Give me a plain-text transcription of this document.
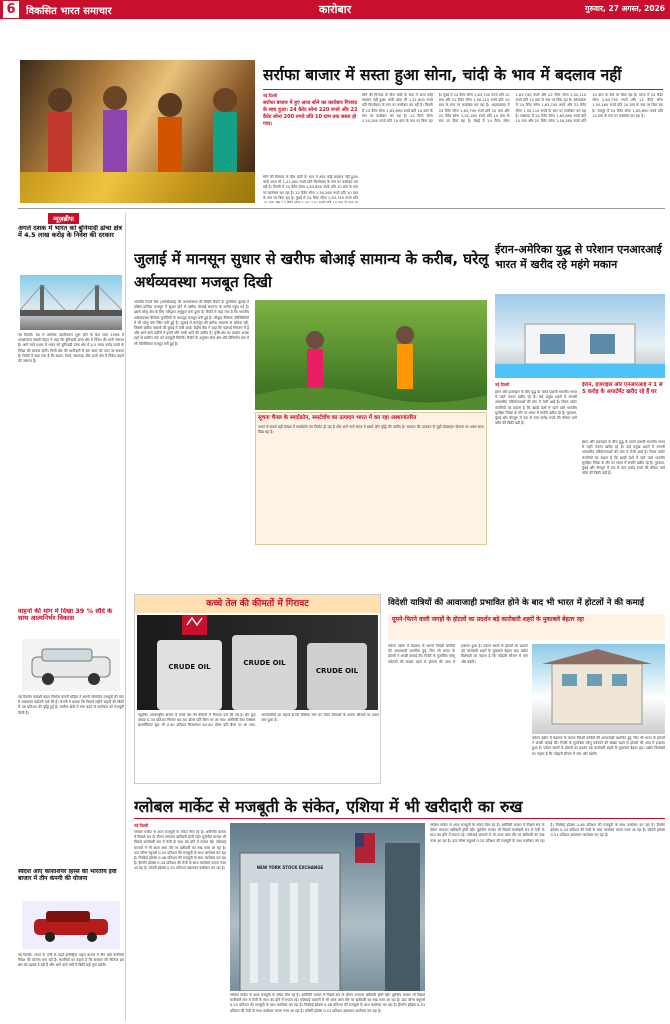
6	विकसित भारत समाचार	कारोबार	गुरुवार, 27 अगस्त, 2026
सर्राफा बाजार में सस्ता हुआ सोना, चांदी के भाव में बदलाव नहीं
नई दिल्ली
सर्राफा बाजार में हुए आज सोने का कारोबार गिरावट के साथ हुआ। 24 कैरेट सोना 220 रुपये और 22 कैरेट सोना 200 रुपये प्रति 10 ग्राम तक सस्ता हो गया।
सोने की गिरावट के बीच चांदी के भाव में आज कोई बदलाव नहीं हुआ। चांदी आज भी 1,21,000 रुपये प्रति किलोग्राम के स्तर पर कारोबार कर रही है। दिल्ली में 24 कैरेट सोना 1,63,890 रुपये प्रति 10 ग्राम के स्तर पर कारोबार कर रहा है। 22 कैरेट सोना 1,50,260 रुपये प्रति 10 ग्राम के स्तर पर बिक रहा है। मुंबई में 24 कैरेट सोना 1,63,740 रुपये प्रति 10 ग्राम और 22 कैरेट सोना 1,50,110 रुपये प्रति 10 ग्राम के स्तर पर कारोबार कर रहा है। अहमदाबाद में 24 कैरेट सोना 1,63,790 रुपये प्रति 10 ग्राम और 22 कैरेट सोना 1,50,160 रुपये प्रति 10 ग्राम के स्तर पर बिक रहा है। चेन्नई में 24 कैरेट सोना 1,63,740 रुपये और 22 कैरेट सोना 1,50,110 रुपये प्रति 10 ग्राम के स्तर पर बिक रहा है। कोलकाता में 24 कैरेट सोना 1,63,740 रुपये और 22 कैरेट सोना 1,50,110 रुपये के स्तर पर कारोबार कर रहा है। लखनऊ में 24 कैरेट सोना 1,63,890 रुपये प्रति 10 ग्राम और 22 कैरेट सोना 1,50,260 रुपये प्रति 10 ग्राम के स्तर पर बिक रहा है। पटना में 24 कैरेट सोना 1,63,790 रुपये और 22 कैरेट सोना 1,50,160 रुपये प्रति 10 ग्राम के स्तर पर बिक रहा है। जयपुर में 24 कैरेट सोना 1,63,890 रुपये प्रति 10 ग्राम के स्तर पर कारोबार कर रहा है।
सोने की गिरावट के बीच चांदी के भाव में आज कोई बदलाव नहीं हुआ। चांदी आज भी 1,21,000 रुपये प्रति किलोग्राम के स्तर पर कारोबार कर रही है। दिल्ली में 24 कैरेट सोना 1,63,890 रुपये प्रति 10 ग्राम के स्तर पर कारोबार कर रहा है। 22 कैरेट सोना 1,50,260 रुपये प्रति 10 ग्राम के स्तर पर बिक रहा है। मुंबई में 24 कैरेट सोना 1,63,740 रुपये प्रति
न्यूज़ब्रीफ
अगले दशक में भारत को बुनियादी ढांचा क्षेत्र में 4.5 लाख करोड़ के निवेश की दरकार
नई दिल्ली। देश में आर्थिक उदारीकरण शुरू होने के बाद साल 1996 में अवसंरचना संबंधी मोहन ने कहा कि बुनियादी ढांचा क्षेत्र में निवेश की भारी जरूरत है। आने वाले दशक में भारत को बुनियादी ढांचा क्षेत्र में 4.5 लाख करोड़ रुपये के निवेश की दरकार होगी। निजी क्षेत्र की भागीदारी से इस अंतर को पाटा जा सकता है। रिपोर्ट में कहा गया है कि सड़क, रेलवे, बंदरगाह और ऊर्जा क्षेत्र में निवेश बढ़ाने की जरूरत है।
वाहनों की मांग में दिखा 39 % सौदे के साथ आत्मनिर्भर विकास
नई दिल्ली। स्वदेशी वाहन निर्माता कंपनी महिंद्रा ने अपनी लोकप्रिय एसयूवी की मांग में जबरदस्त बढ़ोतरी दर्ज की है। कंपनी ने बताया कि पिछले महीने वाहनों की बिक्री में 39 प्रतिशत की वृद्धि हुई है। ग्रामीण क्षेत्रों में मांग बढ़ने से कारोबार को मजबूती मिली है।
स्वदेश आएं कोशाशेयर हिस्से की भारतीय ईवी बाजार में तीन कंपनी की योजना
नई दिल्ली। भारत के तेजी से बढ़ते इलेक्ट्रिक वाहन बाजार में तीन बड़ी कंपनियां निवेश की योजना बना रही हैं। कंपनियों का कहना है कि सरकार की नीतियां इस क्षेत्र को बढ़ावा दे रही हैं और आने वाले वर्षों में बिक्री कई गुना बढ़ेगी।
जुलाई में मानसून सुधार से खरीफ बोआई सामान्य के करीब, घरेलू अर्थव्यवस्था मजबूत दिखी
भारतीय रिज़र्व बैंक (आरबीआई) की अर्थव्यवस्था की स्थिति रिपोर्ट के मुताबिक जुलाई में दक्षिण-पश्चिम मानसून में सुधार होने से खरीफ बोआई सामान्य के करीब पहुंच गई है। इससे घरेलू क्षेत्र के लिए परिदृश्य अनुकूल बना हुआ है। रिपोर्ट में कहा गया है कि भारतीय अर्थव्यवस्था वैश्विक चुनौतियों के बावजूद मजबूत बनी हुई है। मौजूदा वैश्विक परिस्थितियों में भी घरेलू मांग स्थिर बनी हुई है। जुलाई में मानसून की बारिश सामान्य से अधिक रही, जिससे खरीफ फसलों की बुवाई में तेजी आई। केंद्रीय बैंक ने कहा कि महंगाई नियंत्रण में है और आने वाले महीनों में इसमें और नरमी आने की उम्मीद है। कृषि क्षेत्र का प्रदर्शन अच्छा रहने से ग्रामीण मांग को मजबूती मिलेगी। रिपोर्ट के अनुसार सेवा क्षेत्र और विनिर्माण क्षेत्र में भी गतिविधियां मजबूत बनी हुई हैं।
सूचना चैनल के स्मार्टफ़ोन, स्मार्टवॉच का उत्पादन भारत में कर रहा अस्थानांतरित
भारत से सबसे बड़ी संख्या में स्मार्टफ़ोन का निर्यात हो रहा है और आने वाले समय में इसमें और वृद्धि की उम्मीद है। सरकार की उत्पादन से जुड़ी प्रोत्साहन योजना का असर साफ दिख रहा है।
ईरान-अमेरिका युद्ध से परेशान एनआरआई भारत में खरीद रहे महंगे मकान
ईरान, इजराइल और एनआरआई ने 1 से 5 करोड़ के अपार्टमेंट खरीद रहे हैं घर
नई दिल्ली
ईरान और इजराइल के बीच युद्ध के चलते प्रवासी भारतीय भारत में महंगे मकान खरीद रहे हैं। कई प्रमुख शहरों में लग्जरी आवासीय परियोजनाओं की मांग में तेजी आई है। रियल एस्टेट कंपनियों का कहना है कि खाड़ी देशों में रहने वाले भारतीय सुरक्षित निवेश के तौर पर भारत में संपत्ति खरीद रहे हैं। गुरुग्राम, मुंबई और बेंगलुरु में एक से पांच करोड़ रुपये की कीमत वाले फ्लैट की बिक्री बढ़ी है।
ईरान और इजराइल के बीच युद्ध के चलते प्रवासी भारतीय भारत में महंगे मकान खरीद रहे हैं। कई प्रमुख शहरों में लग्जरी आवासीय परियोजनाओं की मांग में तेजी आई है। रियल एस्टेट कंपनियों का कहना है कि खाड़ी देशों में रहने वाले भारतीय सुरक्षित निवेश के तौर पर भारत में संपत्ति खरीद रहे हैं। गुरुग्राम, मुंबई और बेंगलुरु में एक से पांच करोड़ रुपये की कीमत वाले फ्लैट की बिक्री बढ़ी है।
कच्चे तेल की कीमतों में गिरावट
CRUDE OIL	CRUDE OIL
CRUDE OIL
न्यूयॉर्क। अंतरराष्ट्रीय बाजार में कच्चे तेल की कीमतों में गिरावट दर्ज की गई है। ब्रेंट क्रूड वायदा 0.35 प्रतिशत गिरकर 65.50 डॉलर प्रति बैरल पर आ गया। अमेरिकी वेस्ट टेक्सास इंटरमीडिएट क्रूड भी 0.40 प्रतिशत फिसलकर 62.80 डॉलर प्रति बैरल पर आ गया। कारोबारियों का कहना है कि वैश्विक मांग को लेकर चिंताओं के कारण कीमतों पर दबाव बना हुआ है।
विदेशी यात्रियों की आवाजाही प्रभावित होने के बाद भी भारत में होटलों ने की कमाई
घूमने-फिरने वाली जगहों के होटलों का प्रदर्शन बड़े कारोबारी शहरों के मुकाबले बेहतर रहा
पर्यटन उद्योग में बदलाव के कारण विदेशी यात्रियों की आवाजाही प्रभावित हुई, फिर भी भारत के होटलों ने अच्छी कमाई की। रिपोर्ट के मुताबिक घरेलू पर्यटकों की संख्या बढ़ने से होटलों की आय में इजाफा हुआ है। पर्यटन स्थलों के होटलों का प्रदर्शन बड़े कारोबारी शहरों के मुकाबले बेहतर रहा। उद्योग विशेषज्ञों का कहना है कि त्योहारी सीजन में मांग और बढ़ेगी।
पर्यटन उद्योग में बदलाव के कारण विदेशी यात्रियों की आवाजाही प्रभावित हुई, फिर भी भारत के होटलों ने अच्छी कमाई की। रिपोर्ट के मुताबिक घरेलू पर्यटकों की संख्या बढ़ने से होटलों की आय में इजाफा हुआ है। पर्यटन स्थलों के होटलों का प्रदर्शन बड़े कारोबारी शहरों के मुकाबले बेहतर रहा। उद्योग विशेषज्ञों का कहना है कि त्योहारी सीजन में मांग और बढ़ेगी।
ग्लोबल मार्केट से मजबूती के संकेत, एशिया में भी खरीदारी का रुख
नई दिल्ली
ग्लोबल मार्केट से आज मजबूती के संकेत मिल रहे हैं। अमेरिकी बाजार में पिछले सत्र के दौरान लगातार खरीदारी होती रही। यूरोपीय बाजार भी पिछले कारोबारी सत्र में तेजी के साथ बंद होने में सफल रहे। एशियाई बाजारों में भी आज आम तौर पर खरीदारी का रुख नजर आ रहा है। डाउ जॉन्स फ्यूचर्स 0.25 प्रतिशत की मजबूती के साथ कारोबार कर रहा है। निक्केई इंडेक्स 0.48 प्रतिशत की मजबूती के साथ कारोबार कर रहा है। हैंगसेंग इंडेक्स 0.33 प्रतिशत की तेजी के साथ कारोबार करता नजर आ रहा है। कोस्पी इंडेक्स 0.51 प्रतिशत उछलकर कारोबार कर रहा है।	NEW YORK STOCK EXCHANGE
ग्लोबल मार्केट से आज मजबूती के संकेत मिल रहे हैं। अमेरिकी बाजार में पिछले सत्र के दौरान लगातार खरीदारी होती रही। यूरोपीय बाजार भी पिछले कारोबारी सत्र में तेजी के साथ बंद होने में सफल रहे। एशियाई बाजारों में भी आज आम तौर पर खरीदारी का रुख नजर आ रहा है। डाउ जॉन्स फ्यूचर्स 0.25 प्रतिशत की मजबूती के साथ कारोबार कर रहा है। निक्केई इंडेक्स 0.48 प्रतिशत की मजबूती के साथ कारोबार कर रहा है। हैंगसेंग इंडेक्स 0.33 प्रतिशत की तेजी के साथ कारोबार करता नजर आ रहा है। कोस्पी इंडेक्स 0.51 प्रतिशत उछलकर कारोबार कर रहा है।
ग्लोबल मार्केट से आज मजबूती के संकेत मिल रहे हैं। अमेरिकी बाजार में पिछले सत्र के दौरान लगातार खरीदारी होती रही। यूरोपीय बाजार भी पिछले कारोबारी सत्र में तेजी के साथ बंद होने में सफल रहे। एशियाई बाजारों में भी आज आम तौर पर खरीदारी का रुख नजर आ रहा है। डाउ जॉन्स फ्यूचर्स 0.25 प्रतिशत की मजबूती के साथ कारोबार कर रहा है। निक्केई इंडेक्स 0.48 प्रतिशत की मजबूती के साथ कारोबार कर रहा है। हैंगसेंग इंडेक्स 0.33 प्रतिशत की तेजी के साथ कारोबार करता नजर आ रहा है। कोस्पी इंडेक्स 0.51 प्रतिशत उछलकर कारोबार कर रहा है।
